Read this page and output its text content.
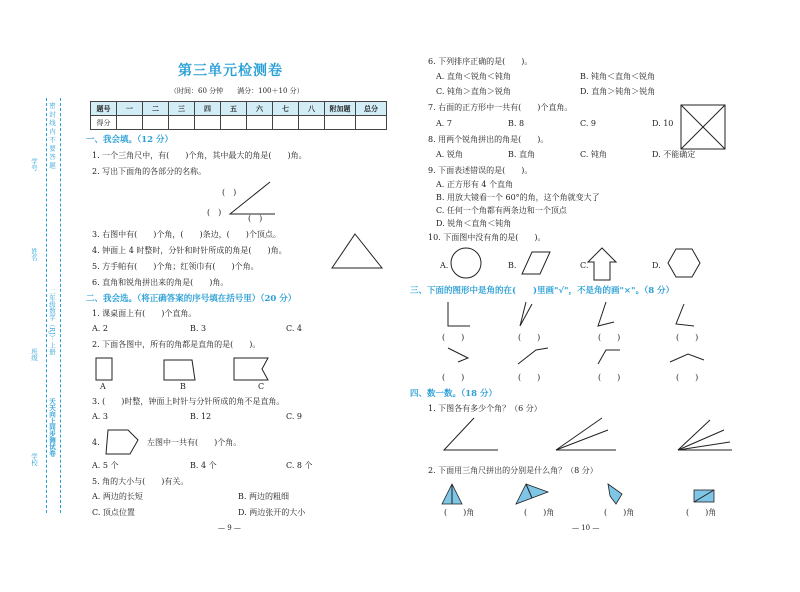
学号
姓名
班级
学校
密 封 线 内 不 要 答 题
二年级数学（RJ）· 上册
天天向上同步测试卷
第三单元检测卷
（时间：60 分钟　　满分：100＋10 分）
题号	一	二	三	四	五	六	七	八	附加题	总分
得分										
一、我会填。（12 分）
1. 一个三角尺中，有(　　)个角，其中最大的角是(　　)角。
2. 写出下面角的各部分的名称。
(　)
(　)
(　)
3. 右图中有(　　)个角，(　　)条边，(　　)个顶点。
4. 钟面上 4 时整时，分针和时针所成的角是(　　)角。
5. 方手帕有(　　)个角；红领巾有(　　)个角。
6. 直角和锐角拼出来的角是(　　)角。
二、我会选。（将正确答案的序号填在括号里）（20 分）
1. 课桌面上有(　　)个直角。
A. 2	B. 3	C. 4
2. 下面各图中，所有的角都是直角的是(　　)。
A	B	C
3. (　　)时整，钟面上时针与分针所成的角不是直角。
A. 3	B. 12	C. 9
4.	左图中一共有(　　)个角。
A. 5 个	B. 4 个	C. 8 个
5. 角的大小与(　　)有关。
A. 两边的长短	B. 两边的粗细
C. 顶点位置	D. 两边张开的大小
— 9 —
6. 下列排序正确的是(　　)。
A. 直角＜锐角＜钝角	B. 钝角＜直角＜锐角
C. 钝角＞直角＞锐角	D. 直角＞钝角＞锐角
7. 右面的正方形中一共有(　　)个直角。
A. 7	B. 8	C. 9	D. 10
8. 用两个锐角拼出的角是(　　)。
A. 锐角	B. 直角	C. 钝角	D. 不能确定
9. 下面表述错误的是(　　)。
A. 正方形有 4 个直角
B. 用放大镜看一个 60°的角，这个角就变大了
C. 任何一个角都有两条边和一个顶点
D. 锐角＜直角＜钝角
10. 下面图中没有角的是(　　)。
A.	B.	C.	D.
三、下面的图形中是角的在(　　)里画"√"，不是角的画"×"。（8 分）
(　　)	(　　)	(　　)	(　　)
(　　)	(　　)	(　　)	(　　)
四、数一数。（18 分）
1. 下图各有多少个角？（6 分）
2. 下面用三角尺拼出的分别是什么角？（8 分）
(　　)角	(　　)角	(　　)角	(　　)角
— 10 —
